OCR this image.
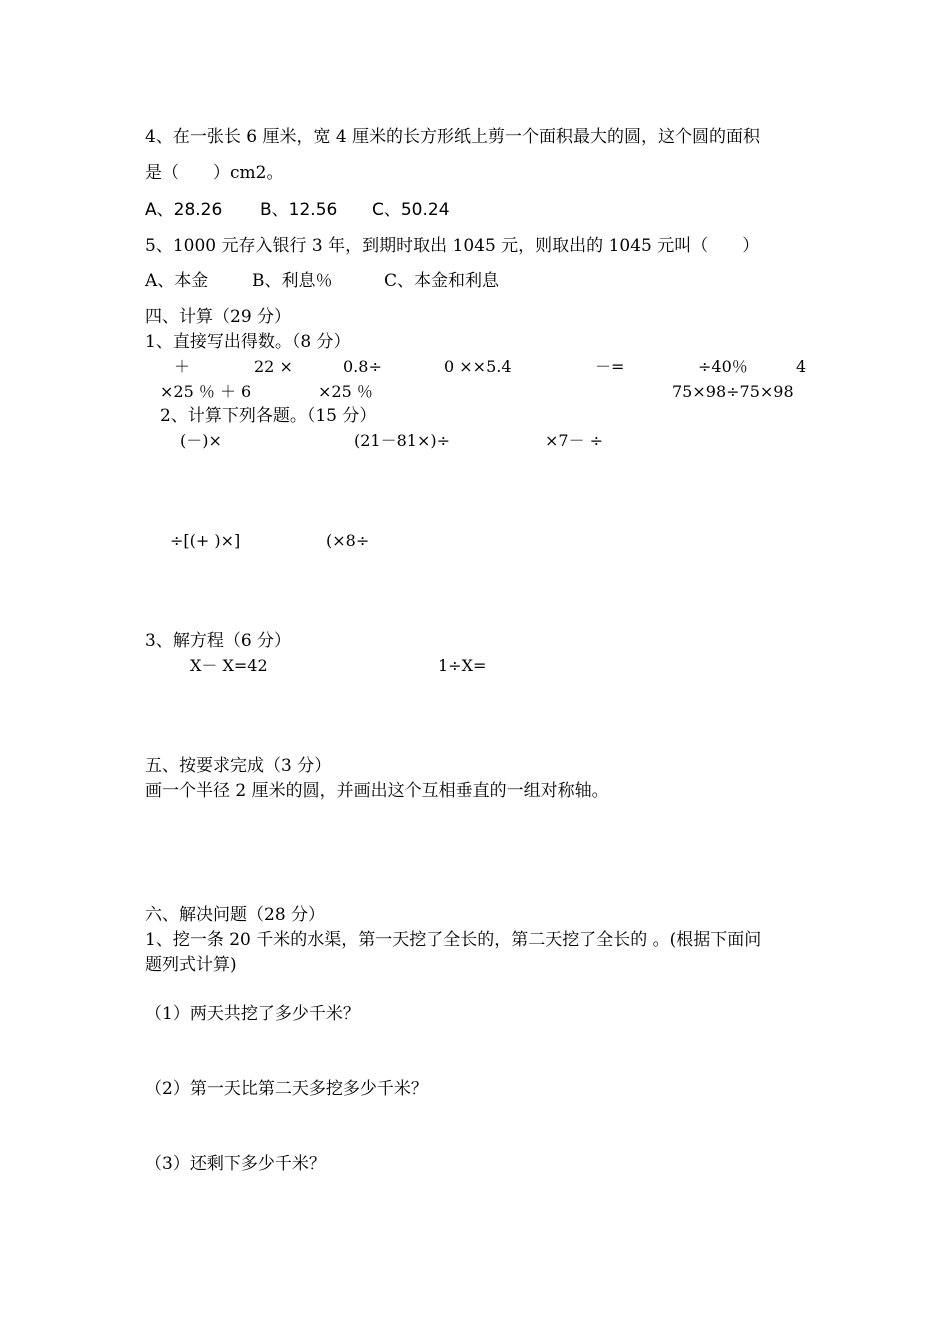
4、在一张长 6 厘米，宽 4 厘米的长方形纸上剪一个面积最大的圆，这个圆的面积
是（　　）cm2。
A、28.26 B、12.56 C、50.24
5、1000 元存入银行 3 年，到期时取出 1045 元，则取出的 1045 元叫（　　）
A、本金	B、利息％	C、本金和利息
四、计算（29 分）
1、直接写出得数。（8 分）
＋	22 ×	0.8÷	0 ××5.4	－=	÷40％	4
×25 ％ ＋ 6	×25 ％	75×98÷75×98
2、计算下列各题。（15 分）
(－)×	(21－81×)÷	×7－ ÷
÷[(+ )×]	(×8÷
3、解方程（6 分）
X－ X=42	1÷X=
五、按要求完成（3 分）
画一个半径 2 厘米的圆，并画出这个互相垂直的一组对称轴。
六、解决问题（28 分）
1、挖一条 20 千米的水渠，第一天挖了全长的，第二天挖了全长的 。(根据下面问
题列式计算)
（1）两天共挖了多少千米？
（2）第一天比第二天多挖多少千米？
（3）还剩下多少千米？
